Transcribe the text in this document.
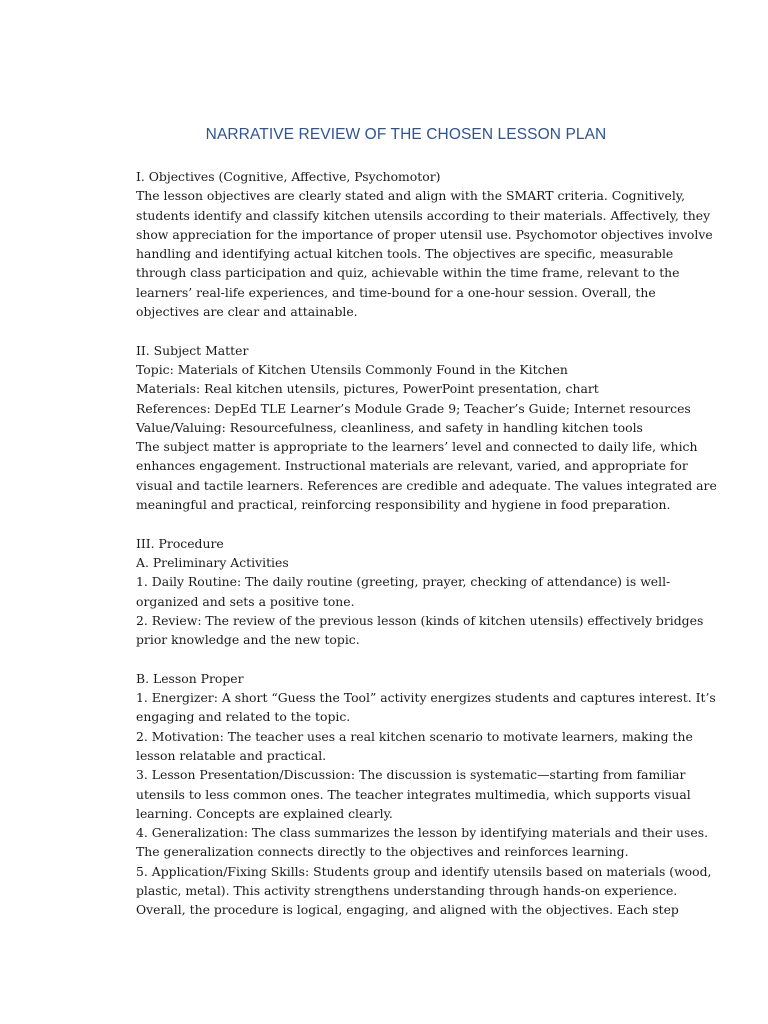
NARRATIVE REVIEW OF THE CHOSEN LESSON PLAN
I. Objectives (Cognitive, Affective, Psychomotor)
The lesson objectives are clearly stated and align with the SMART criteria. Cognitively,
students identify and classify kitchen utensils according to their materials. Affectively, they
show appreciation for the importance of proper utensil use. Psychomotor objectives involve
handling and identifying actual kitchen tools. The objectives are specific, measurable
through class participation and quiz, achievable within the time frame, relevant to the
learners’ real-life experiences, and time-bound for a one-hour session. Overall, the
objectives are clear and attainable.
II. Subject Matter
Topic: Materials of Kitchen Utensils Commonly Found in the Kitchen
Materials: Real kitchen utensils, pictures, PowerPoint presentation, chart
References: DepEd TLE Learner’s Module Grade 9; Teacher’s Guide; Internet resources
Value/Valuing: Resourcefulness, cleanliness, and safety in handling kitchen tools
The subject matter is appropriate to the learners’ level and connected to daily life, which
enhances engagement. Instructional materials are relevant, varied, and appropriate for
visual and tactile learners. References are credible and adequate. The values integrated are
meaningful and practical, reinforcing responsibility and hygiene in food preparation.
III. Procedure
A. Preliminary Activities
1. Daily Routine: The daily routine (greeting, prayer, checking of attendance) is well-
organized and sets a positive tone.
2. Review: The review of the previous lesson (kinds of kitchen utensils) effectively bridges
prior knowledge and the new topic.
B. Lesson Proper
1. Energizer: A short “Guess the Tool” activity energizes students and captures interest. It’s
engaging and related to the topic.
2. Motivation: The teacher uses a real kitchen scenario to motivate learners, making the
lesson relatable and practical.
3. Lesson Presentation/Discussion: The discussion is systematic—starting from familiar
utensils to less common ones. The teacher integrates multimedia, which supports visual
learning. Concepts are explained clearly.
4. Generalization: The class summarizes the lesson by identifying materials and their uses.
The generalization connects directly to the objectives and reinforces learning.
5. Application/Fixing Skills: Students group and identify utensils based on materials (wood,
plastic, metal). This activity strengthens understanding through hands-on experience.
Overall, the procedure is logical, engaging, and aligned with the objectives. Each step
